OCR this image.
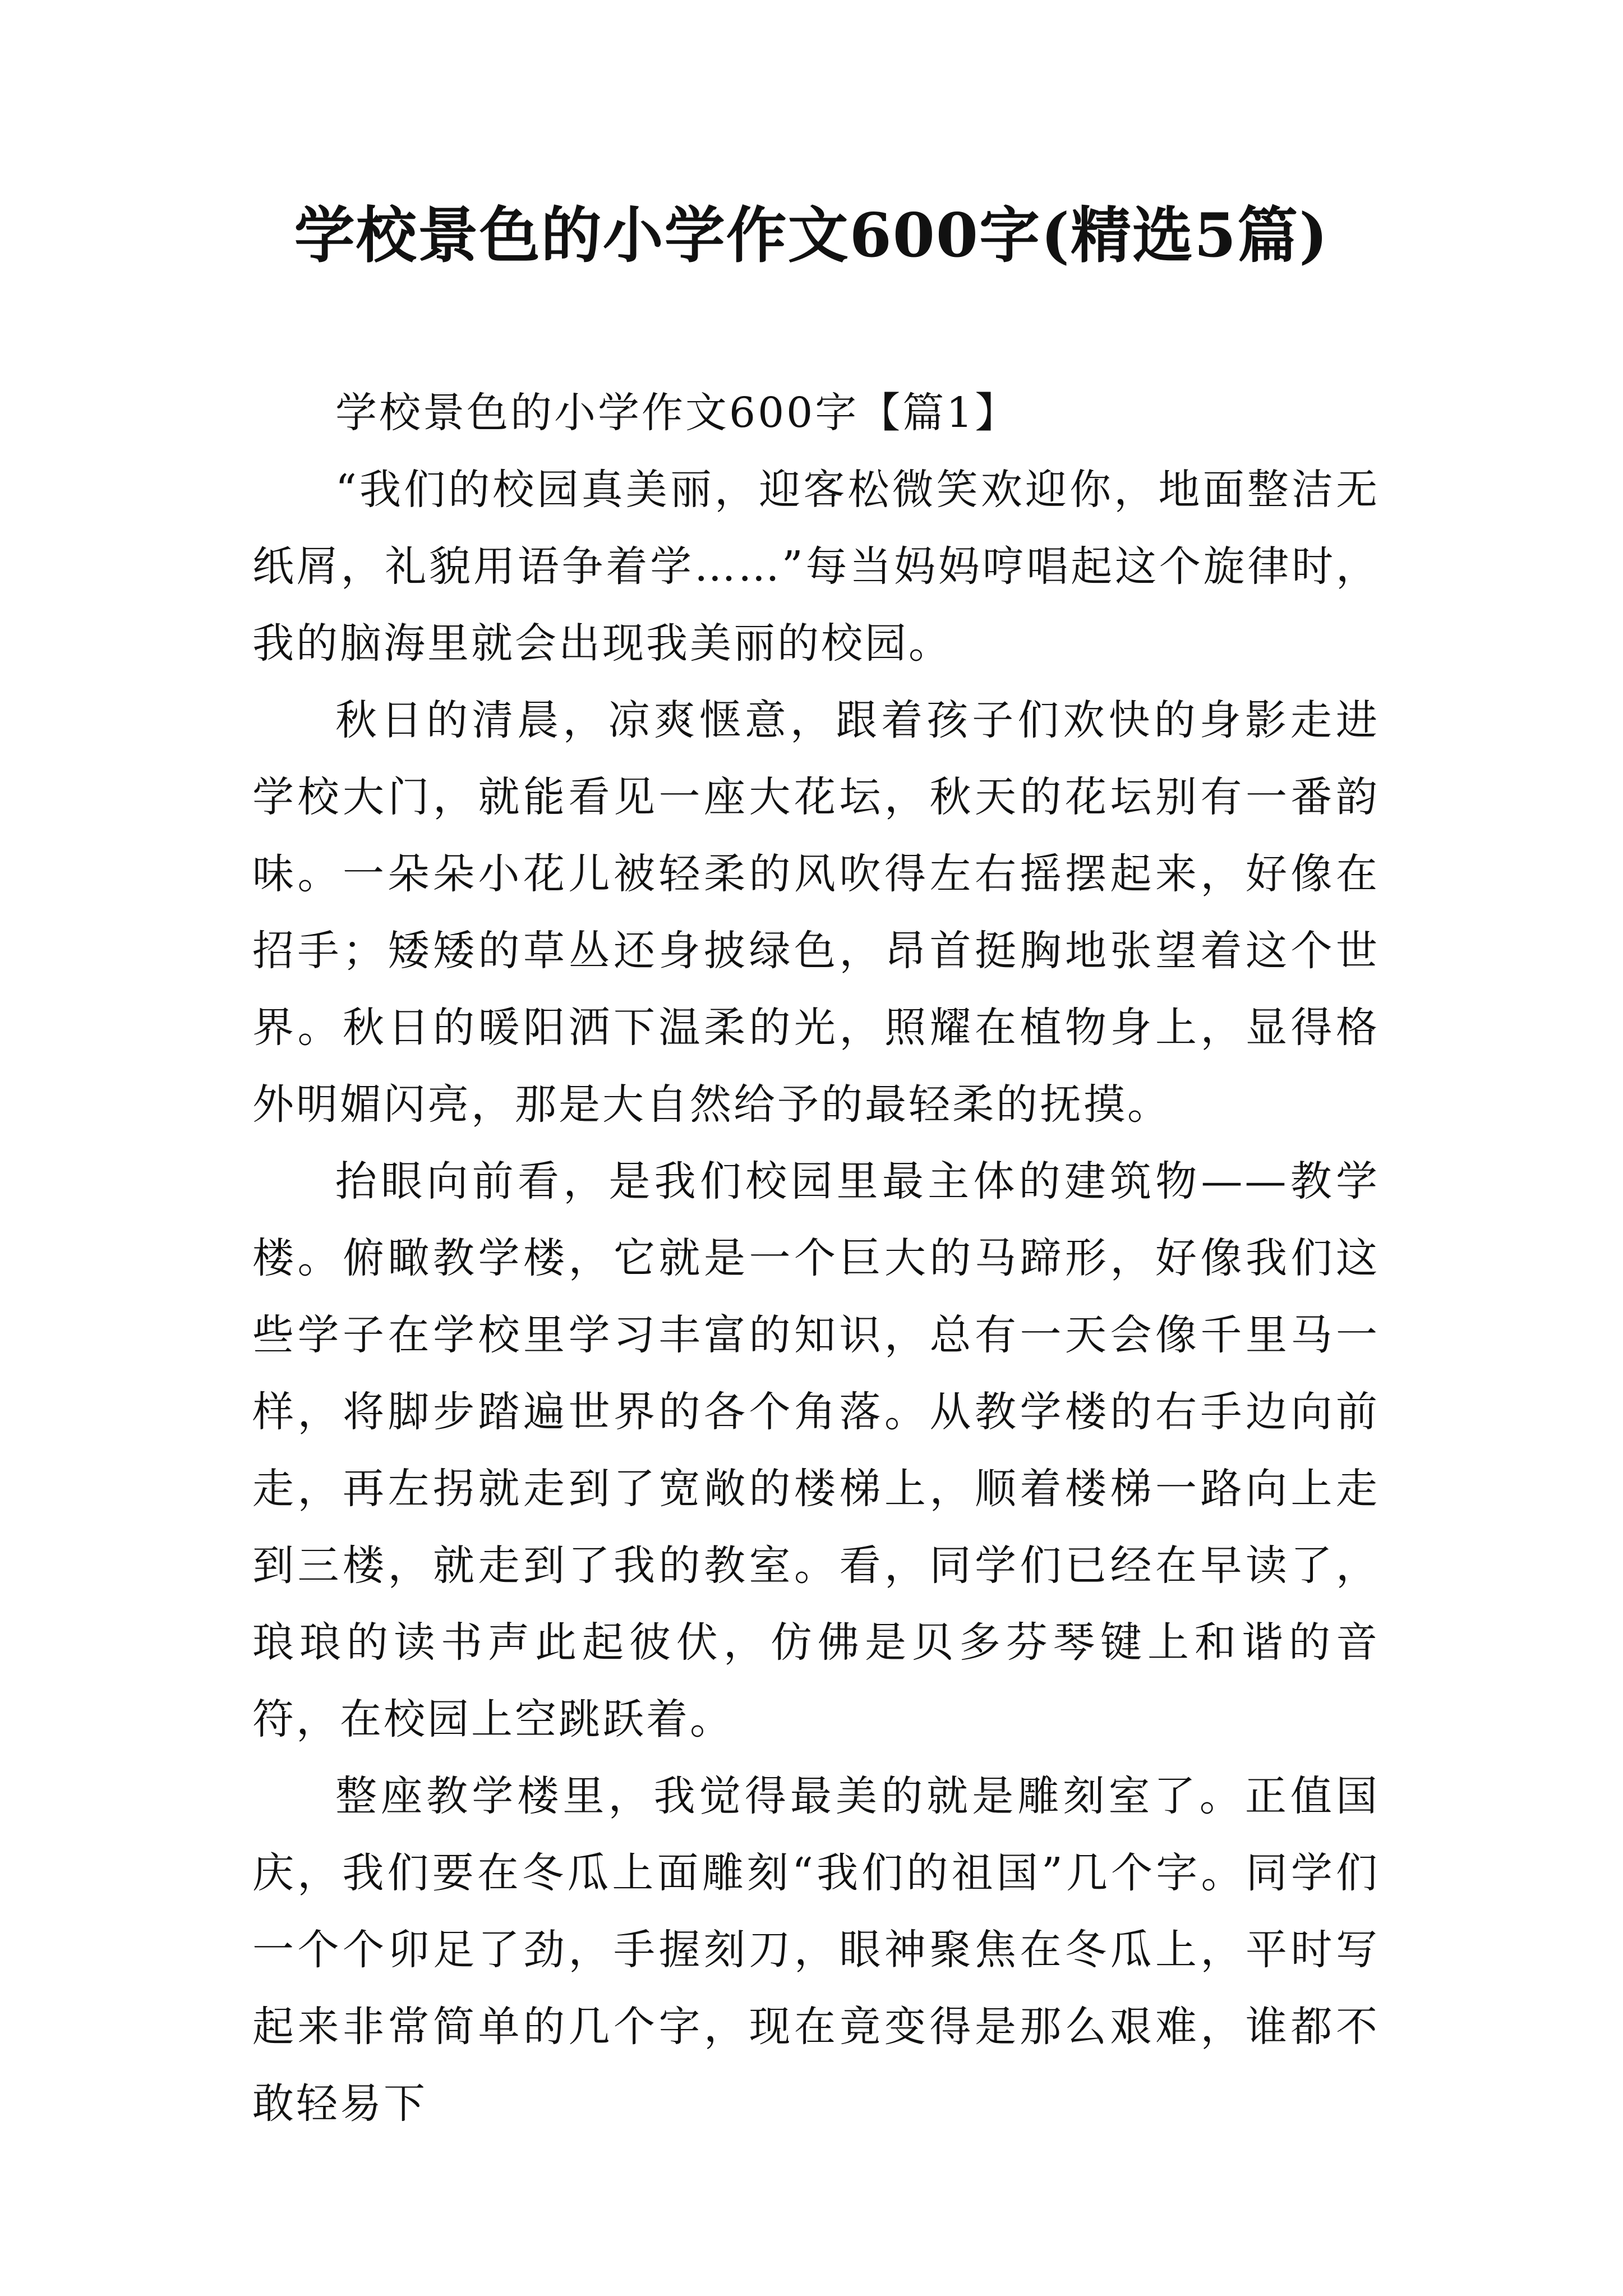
学校景色的小学作文600字(精选5篇)

学校景色的小学作文600字【篇1】

“我们的校园真美丽，迎客松微笑欢迎你，地面整洁无纸屑，礼貌用语争着学……”每当妈妈哼唱起这个旋律时，我的脑海里就会出现我美丽的校园。

秋日的清晨，凉爽惬意，跟着孩子们欢快的身影走进学校大门，就能看见一座大花坛，秋天的花坛别有一番韵味。一朵朵小花儿被轻柔的风吹得左右摇摆起来，好像在招手；矮矮的草丛还身披绿色，昂首挺胸地张望着这个世界。秋日的暖阳洒下温柔的光，照耀在植物身上，显得格外明媚闪亮，那是大自然给予的最轻柔的抚摸。

抬眼向前看，是我们校园里最主体的建筑物——教学楼。俯瞰教学楼，它就是一个巨大的马蹄形，好像我们这些学子在学校里学习丰富的知识，总有一天会像千里马一样，将脚步踏遍世界的各个角落。从教学楼的右手边向前走，再左拐就走到了宽敞的楼梯上，顺着楼梯一路向上走到三楼，就走到了我的教室。看，同学们已经在早读了，琅琅的读书声此起彼伏，仿佛是贝多芬琴键上和谐的音符，在校园上空跳跃着。

整座教学楼里，我觉得最美的就是雕刻室了。正值国庆，我们要在冬瓜上面雕刻“我们的祖国”几个字。同学们一个个卯足了劲，手握刻刀，眼神聚焦在冬瓜上，平时写起来非常简单的几个字，现在竟变得是那么艰难，谁都不敢轻易下
